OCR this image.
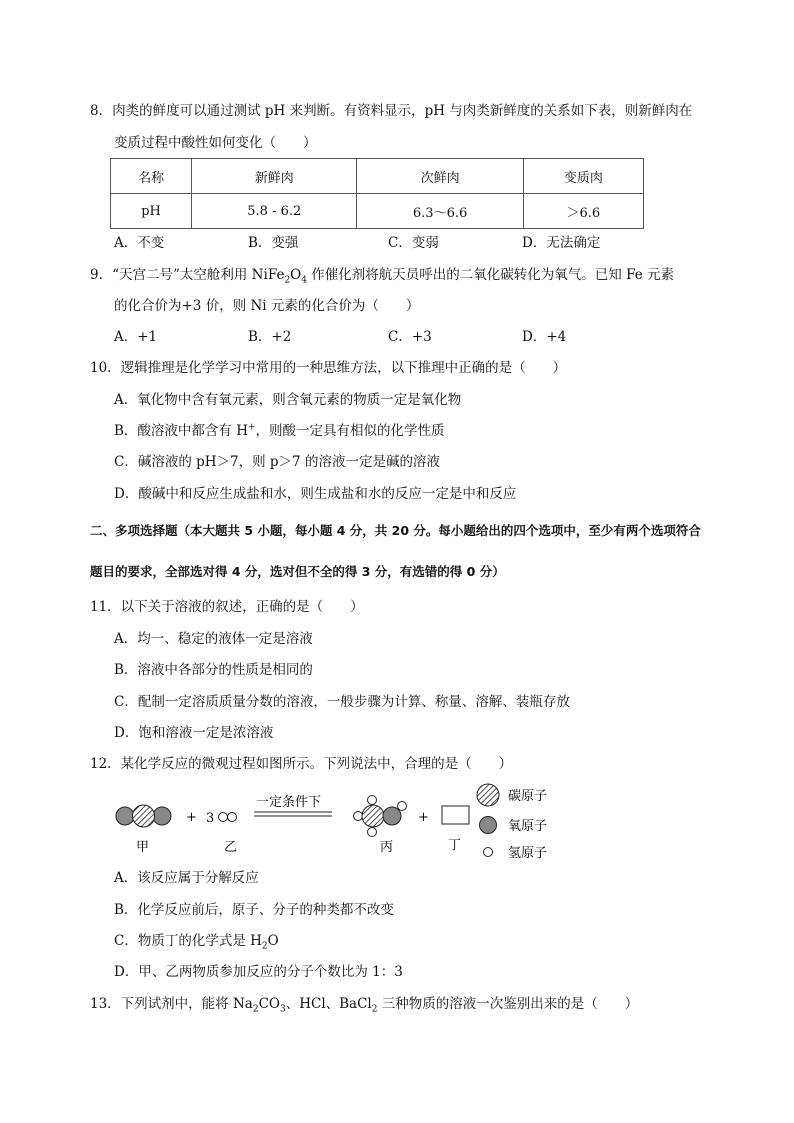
8．肉类的鲜度可以通过测试 pH 来判断。有资料显示，pH 与肉类新鲜度的关系如下表，则新鲜肉在
变质过程中酸性如何变化（　　）
名称	新鲜肉	次鲜肉	变质肉
pH	5.8 - 6.2	6.3～6.6	＞6.6
A．不变	B．变强	C．变弱	D．无法确定
9．“天宫二号”太空舱利用 $NiFe_2O_4$ 作催化剂将航天员呼出的二氧化碳转化为氧气。已知 Fe 元素
的化合价为+3 价，则 Ni 元素的化合价为（　　）
A．+1	B．+2	C．+3	D．+4
10．逻辑推理是化学学习中常用的一种思维方法，以下推理中正确的是（　　）
A．氧化物中含有氧元素，则含氧元素的物质一定是氧化物
B．酸溶液中都含有 H+，则酸一定具有相似的化学性质
C．碱溶液的 pH＞7，则 p＞7 的溶液一定是碱的溶液
D．酸碱中和反应生成盐和水，则生成盐和水的反应一定是中和反应
二、多项选择题（本大题共 5 小题，每小题 4 分，共 20 分。每小题给出的四个选项中，至少有两个选项符合
题目的要求，全部选对得 4 分，选对但不全的得 3 分，有选错的得 0 分）
11．以下关于溶液的叙述，正确的是（　　）
A．均一、稳定的液体一定是溶液
B．溶液中各部分的性质是相同的
C．配制一定溶质质量分数的溶液，一般步骤为计算、称量、溶解、装瓶存放
D．饱和溶液一定是浓溶液
12．某化学反应的微观过程如图所示。下列说法中，合理的是（　　）
+ 3
一定条件下
+
甲	乙	丙	丁
碳原子
氧原子
氢原子
A．该反应属于分解反应
B．化学反应前后，原子、分子的种类都不改变
C．物质丁的化学式是 $H_2O$
D．甲、乙两物质参加反应的分子个数比为 1：3
13．下列试剂中，能将 $Na_2CO_3$、HCl、BaCl$_2$ 三种物质的溶液一次鉴别出来的是（　　）
